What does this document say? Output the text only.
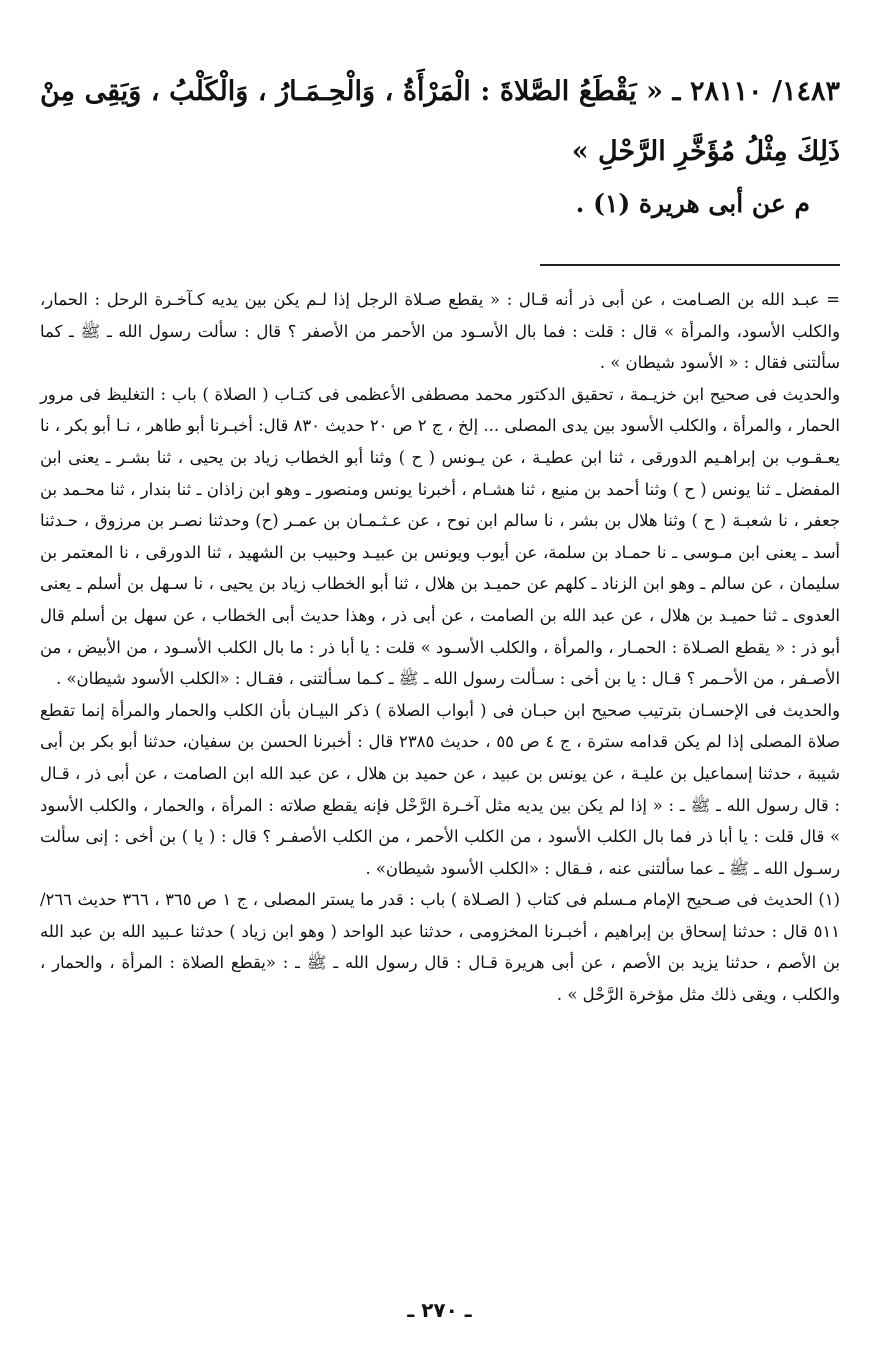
١٤٨٣/ ٢٨١١٠ ـ « يَقْطَعُ الصَّلاةَ : الْمَرْأَةُ ، وَالْحِـمَـارُ ، وَالْكَلْبُ ، وَيَقِى مِنْ ذَلِكَ مِثْلُ مُؤَخَّرِ الرَّحْلِ »

م عن أبى هريرة (١) .

= عبـد الله بن الصـامت ، عن أبى ذر أنه قـال : « يقطع صـلاة الرجل إذا لـم يكن بين يديه كـآخـرة الرحل : الحمار، والكلب الأسود، والمرأة » قال : قلت : فما بال الأسـود من الأحمر من الأصفر ؟ قال : سألت رسول الله ـ ﷺ ـ كما سألتنى فقال : « الأسود شيطان » .

والحديث فى صحيح ابن خزيـمة ، تحقيق الدكتور محمد مصطفى الأعظمى فى كتـاب ( الصلاة ) باب : التغليظ فى مرور الحمار ، والمرأة ، والكلب الأسود بين يدى المصلى ... إلخ ، ج ٢ ص ٢٠ حديث ٨٣٠ قال: أخبـرنا أبو طاهر ، نـا أبو بكر ، نا يعـقـوب بن إبراهـيم الدورقى ، ثنا ابن عطيـة ، عن يـونس ( ح ) وثنا أبو الخطاب زياد بن يحيى ، ثنا بشـر ـ يعنى ابن المفضل ـ ثنا يونس ( ح ) وثنا أحمد بن منيع ، ثنا هشـام ، أخبرنا يونس ومنصور ـ وهو ابن زاذان ـ ثنا بندار ، ثنا محـمد بن جعفر ، نا شعبـة ( ح ) وثنا هلال بن بشر ، نا سالم ابن نوح ، عن عـثـمـان بن عمـر (ح) وحدثنا نصـر بن مرزوق ، حـدثنا أسد ـ يعنى ابن مـوسى ـ نا حمـاد بن سلمة، عن أيوب ويونس بن عبيـد وحبيب بن الشهيد ، ثنا الدورقى ، نا المعتمر بن سليمان ، عن سالم ـ وهو ابن الزناد ـ كلهم عن حميـد بن هلال ، ثنا أبو الخطاب زياد بن يحيى ، نا سـهل بن أسلم ـ يعنى العدوى ـ ثنا حميـد بن هلال ، عن عبد الله بن الصامت ، عن أبى ذر ، وهذا حديث أبى الخطاب ، عن سهل بن أسلم قال أبو ذر : « يقطع الصـلاة : الحمـار ، والمرأة ، والكلب الأسـود » قلت : يا أبا ذر : ما بال الكلب الأسـود ، من الأبيض ، من الأصـفر ، من الأحـمر ؟ قـال : يا بن أخى : سـألت رسول الله ـ ﷺ ـ كـما سـألتنى ، فقـال : «الكلب الأسود شيطان» .

والحديث فى الإحسـان بترتيب صحيح ابن حبـان فى ( أبواب الصلاة ) ذكر البيـان بأن الكلب والحمار والمرأة إنما تقطع صلاة المصلى إذا لم يكن قدامه سترة ، ج ٤ ص ٥٥ ، حديث ٢٣٨٥ قال : أخبرنا الحسن بن سفيان، حدثنا أبو بكر بن أبى شيبة ، حدثنا إسماعيل بن عليـة ، عن يونس بن عبيد ، عن حميد بن هلال ، عن عبد الله ابن الصامت ، عن أبى ذر ، قـال : قال رسول الله ـ ﷺ ـ : « إذا لم يكن بين يديه مثل آخـرة الرَّحْل فإنه يقطع صلاته : المرأة ، والحمار ، والكلب الأسود » قال قلت : يا أبا ذر فما بال الكلب الأسود ، من الكلب الأحمر ، من الكلب الأصفـر ؟ قال : ( يا ) بن أخى : إنى سألت رسـول الله ـ ﷺ ـ عما سألتنى عنه ، فـقال : «الكلب الأسود شيطان» .

(١) الحديث فى صـحيح الإمام مـسلم فى كتاب ( الصـلاة ) باب : قدر ما يستر المصلى ، ج ١ ص ٣٦٥ ، ٣٦٦ حديث ٢٦٦/ ٥١١ قال : حدثنا إسحاق بن إبراهيم ، أخبـرنا المخزومى ، حدثنا عبد الواحد ( وهو ابن زياد ) حدثنا عـبيد الله بن عبد الله بن الأصم ، حدثنا يزيد بن الأصم ، عن أبى هريرة قـال : قال رسول الله ـ ﷺ ـ : «يقطع الصلاة : المرأة ، والحمار ، والكلب ، ويقى ذلك مثل مؤخرة الرَّحْل » .

ـ ٢٧٠ ـ
